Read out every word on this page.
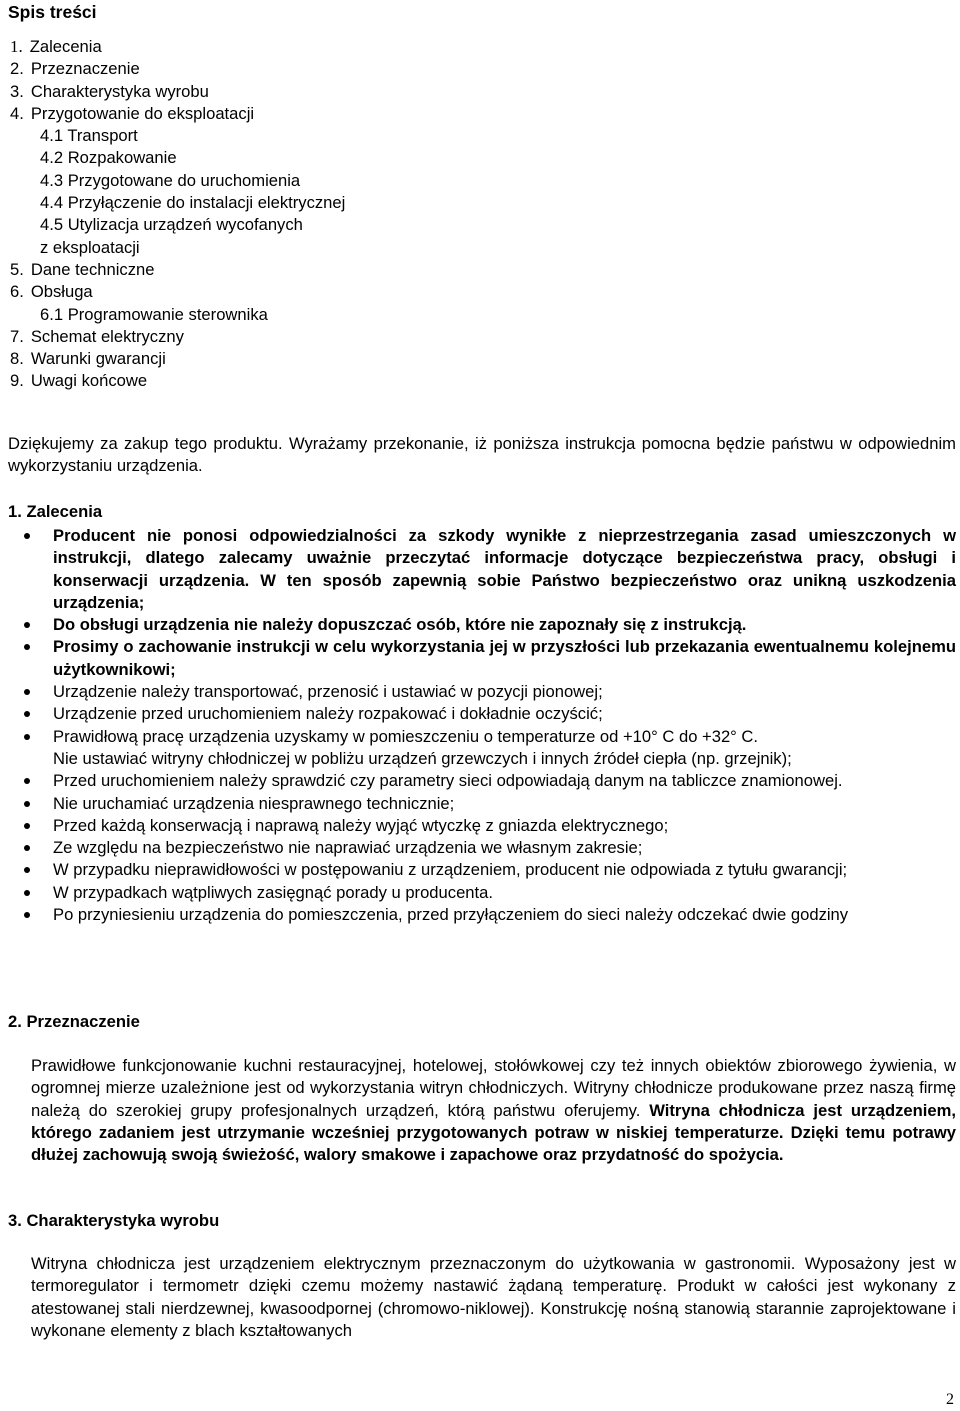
Spis treści
1. Zalecenia
2. Przeznaczenie
3. Charakterystyka wyrobu
4. Przygotowanie do eksploatacji
4.1 Transport
4.2 Rozpakowanie
4.3 Przygotowane do uruchomienia
4.4 Przyłączenie do instalacji elektrycznej
4.5 Utylizacja urządzeń wycofanych
z eksploatacji
5. Dane techniczne
6. Obsługa
6.1 Programowanie sterownika
7. Schemat elektryczny
8. Warunki gwarancji
9. Uwagi końcowe

Dziękujemy za zakup tego produktu. Wyrażamy przekonanie, iż poniższa instrukcja pomocna będzie państwu w odpowiednim wykorzystaniu urządzenia.

1. Zalecenia
Producent nie ponosi odpowiedzialności za szkody wynikłe z nieprzestrzegania zasad umieszczonych w instrukcji, dlatego zalecamy uważnie przeczytać informacje dotyczące bezpieczeństwa pracy, obsługi i konserwacji urządzenia. W ten sposób zapewnią sobie Państwo bezpieczeństwo oraz unikną uszkodzenia urządzenia;
Do obsługi urządzenia nie należy dopuszczać osób, które nie zapoznały się z instrukcją.
Prosimy o zachowanie instrukcji w celu wykorzystania jej w przyszłości lub przekazania ewentualnemu kolejnemu użytkownikowi;
Urządzenie należy transportować, przenosić i ustawiać w pozycji pionowej;
Urządzenie przed uruchomieniem należy rozpakować i dokładnie oczyścić;
Prawidłową pracę urządzenia uzyskamy w pomieszczeniu o temperaturze od +10° C do +32° C.
Nie ustawiać witryny chłodniczej w pobliżu urządzeń grzewczych i innych źródeł ciepła (np. grzejnik);
Przed uruchomieniem należy sprawdzić czy parametry sieci odpowiadają danym na tabliczce znamionowej.
Nie uruchamiać urządzenia niesprawnego technicznie;
Przed każdą konserwacją i naprawą należy wyjąć wtyczkę z gniazda elektrycznego;
Ze względu na bezpieczeństwo nie naprawiać urządzenia we własnym zakresie;
W przypadku nieprawidłowości w postępowaniu z urządzeniem, producent nie odpowiada z tytułu gwarancji;
W przypadkach wątpliwych zasięgnąć porady u producenta.
Po przyniesieniu urządzenia do pomieszczenia, przed przyłączeniem do sieci należy odczekać dwie godziny
2. Przeznaczenie

Prawidłowe funkcjonowanie kuchni restauracyjnej, hotelowej, stołówkowej czy też innych obiektów zbiorowego żywienia, w ogromnej mierze uzależnione jest od wykorzystania witryn chłodniczych. Witryny chłodnicze produkowane przez naszą firmę należą do szerokiej grupy profesjonalnych urządzeń, którą państwu oferujemy. Witryna chłodnicza jest urządzeniem, którego zadaniem jest utrzymanie wcześniej przygotowanych potraw w niskiej temperaturze. Dzięki temu potrawy dłużej zachowują swoją świeżość, walory smakowe i zapachowe oraz przydatność do spożycia.

3. Charakterystyka wyrobu

Witryna chłodnicza jest urządzeniem elektrycznym przeznaczonym do użytkowania w gastronomii. Wyposażony jest w termoregulator i termometr dzięki czemu możemy nastawić żądaną temperaturę. Produkt w całości jest wykonany z atestowanej stali nierdzewnej, kwasoodpornej (chromowo-niklowej). Konstrukcję nośną stanowią starannie zaprojektowane i wykonane elementy z blach kształtowanych

2
